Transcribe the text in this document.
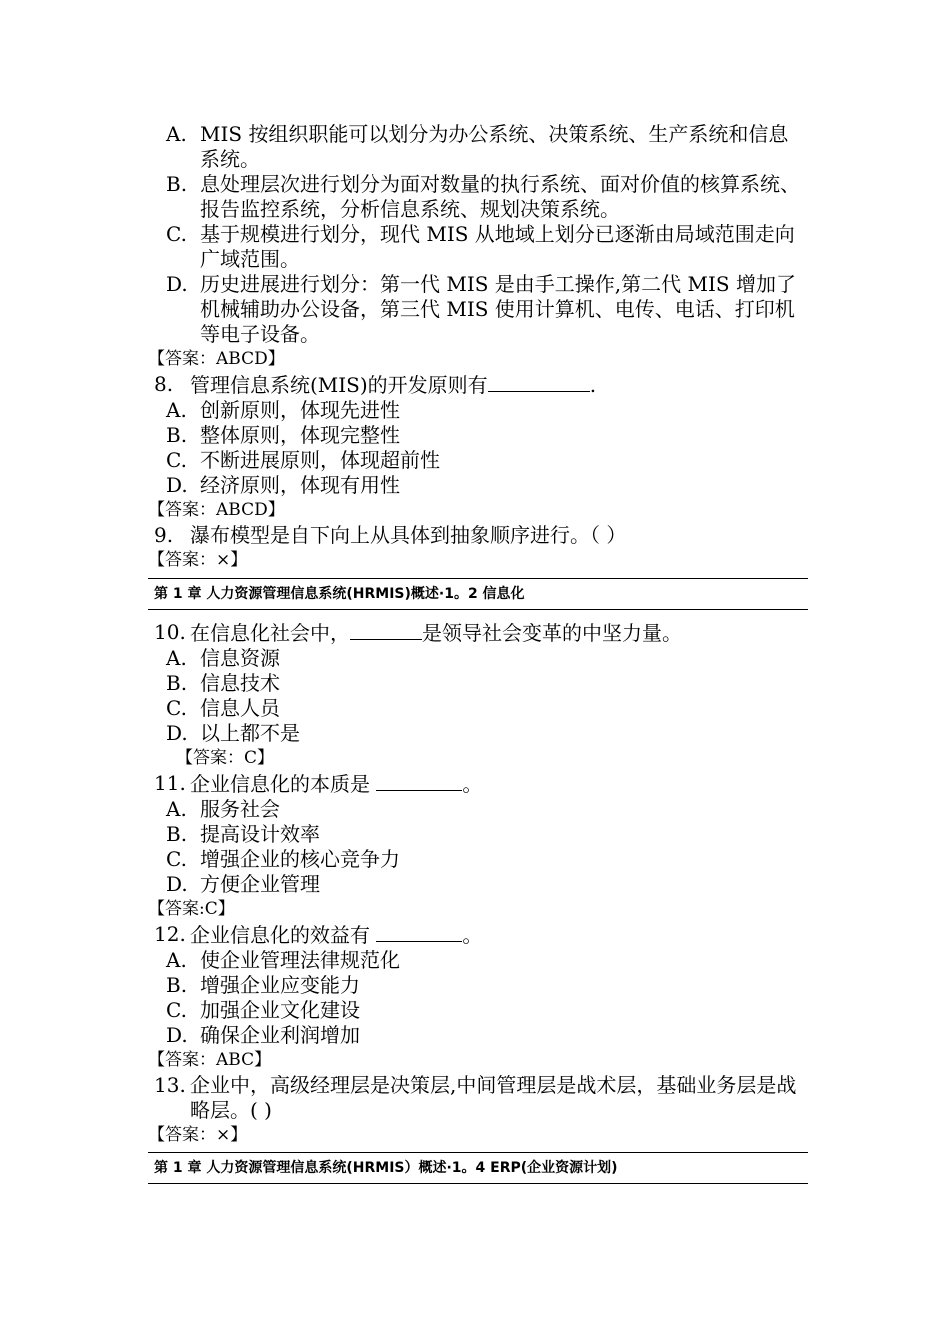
A. MIS 按组织职能可以划分为办公系统、决策系统、生产系统和信息系统。
B. 息处理层次进行划分为面对数量的执行系统、面对价值的核算系统、报告监控系统，分析信息系统、规划决策系统。
C. 基于规模进行划分，现代 MIS 从地域上划分已逐渐由局域范围走向广域范围。
D. 历史进展进行划分：第一代 MIS 是由手工操作,第二代 MIS 增加了机械辅助办公设备，第三代 MIS 使用计算机、电传、电话、打印机等电子设备。
【答案：ABCD】
8. 管理信息系统(MIS)的开发原则有	.
A. 创新原则，体现先进性
B. 整体原则，体现完整性
C. 不断进展原则，体现超前性
D. 经济原则，体现有用性
【答案：ABCD】
9. 瀑布模型是自下向上从具体到抽象顺序进行。（ ）
【答案：×】
第 1 章 人力资源管理信息系统(HRMIS)概述·1。2 信息化
10. 在信息化社会中，	是领导社会变革的中坚力量。
A. 信息资源
B. 信息技术
C. 信息人员
D. 以上都不是
【答案：C】
11. 企业信息化的本质是	。
A. 服务社会
B. 提高设计效率
C. 增强企业的核心竞争力
D. 方便企业管理
【答案:C】
12. 企业信息化的效益有	。
A. 使企业管理法律规范化
B. 增强企业应变能力
C. 加强企业文化建设
D. 确保企业利润增加
【答案：ABC】
13. 企业中，高级经理层是决策层,中间管理层是战术层，基础业务层是战略层。( )
【答案：×】
第 1 章 人力资源管理信息系统(HRMIS）概述·1。4 ERP(企业资源计划)
